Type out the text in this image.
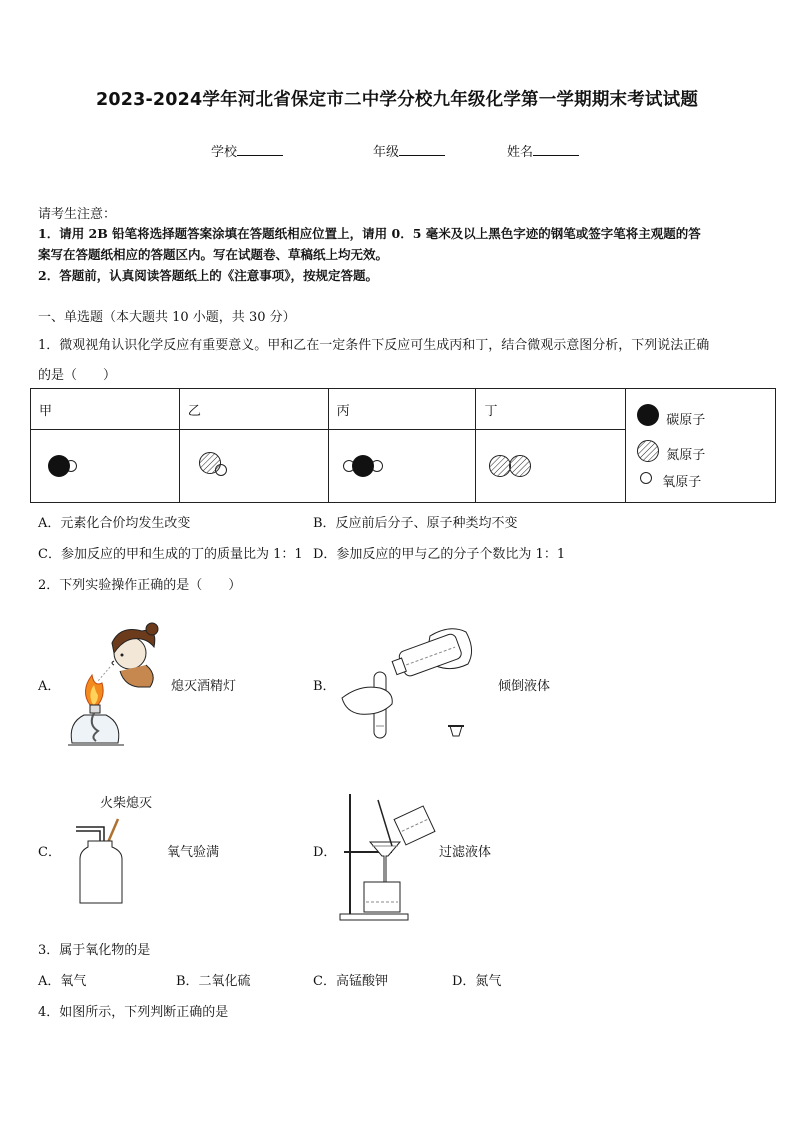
2023-2024学年河北省保定市二中学分校九年级化学第一学期期末考试试题
学校	年级	姓名
请考生注意：
1．请用 2B 铅笔将选择题答案涂填在答题纸相应位置上，请用 0．5 毫米及以上黑色字迹的钢笔或签字笔将主观题的答
案写在答题纸相应的答题区内。写在试题卷、草稿纸上均无效。
2．答题前，认真阅读答题纸上的《注意事项》，按规定答题。
一、单选题（本大题共 10 小题，共 30 分）
1．微观视角认识化学反应有重要意义。甲和乙在一定条件下反应可生成丙和丁，结合微观示意图分析，下列说法正确
的是（　　）
甲	乙	丙	丁	碳原子
氮原子
氧原子

A．元素化合价均发生改变	B．反应前后分子、原子种类均不变
C．参加反应的甲和生成的丁的质量比为 1：1 D．参加反应的甲与乙的分子个数比为 1：1
2．下列实验操作正确的是（　　）
A．	熄灭酒精灯	B．	倾倒液体
火柴熄灭
C．	氧气验满	D．	过滤液体
3．属于氧化物的是
A．氧气	B．二氧化硫	C．高锰酸钾	D．氮气
4．如图所示，下列判断正确的是
